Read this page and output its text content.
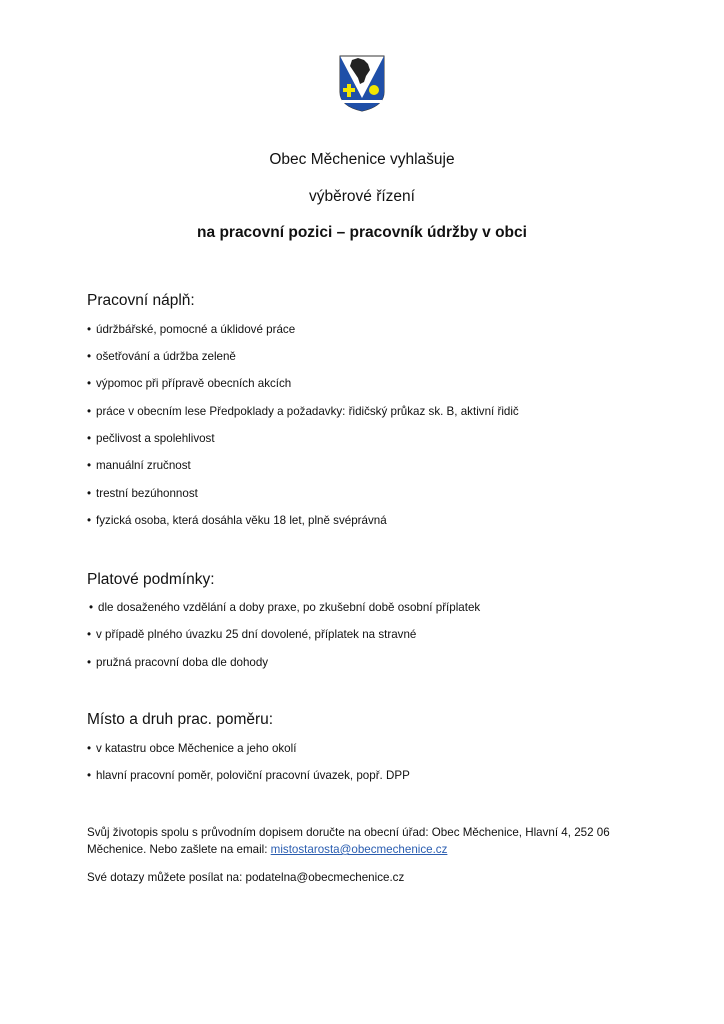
Obec Měchenice vyhlašuje
výběrové řízení
na pracovní pozici – pracovník údržby v obci
Pracovní náplň:
• údržbářské, pomocné a úklidové práce
• ošetřování a údržba zeleně
• výpomoc při přípravě obecních akcích
• práce v obecním lese Předpoklady a požadavky: řidičský průkaz sk. B, aktivní řidič
• pečlivost a spolehlivost
• manuální zručnost
• trestní bezúhonnost
• fyzická osoba, která dosáhla věku 18 let, plně svéprávná
Platové podmínky:
• dle dosaženého vzdělání a doby praxe, po zkušební době osobní příplatek
• v případě plného úvazku 25 dní dovolené, příplatek na stravné
• pružná pracovní doba dle dohody
Místo a druh prac. poměru:
• v katastru obce Měchenice a jeho okolí
• hlavní pracovní poměr, poloviční pracovní úvazek, popř. DPP
Svůj životopis spolu s průvodním dopisem doručte na obecní úřad: Obec Měchenice, Hlavní 4, 252 06 Měchenice. Nebo zašlete na email: mistostarosta@obecmechenice.cz
Své dotazy můžete posílat na: podatelna@obecmechenice.cz
